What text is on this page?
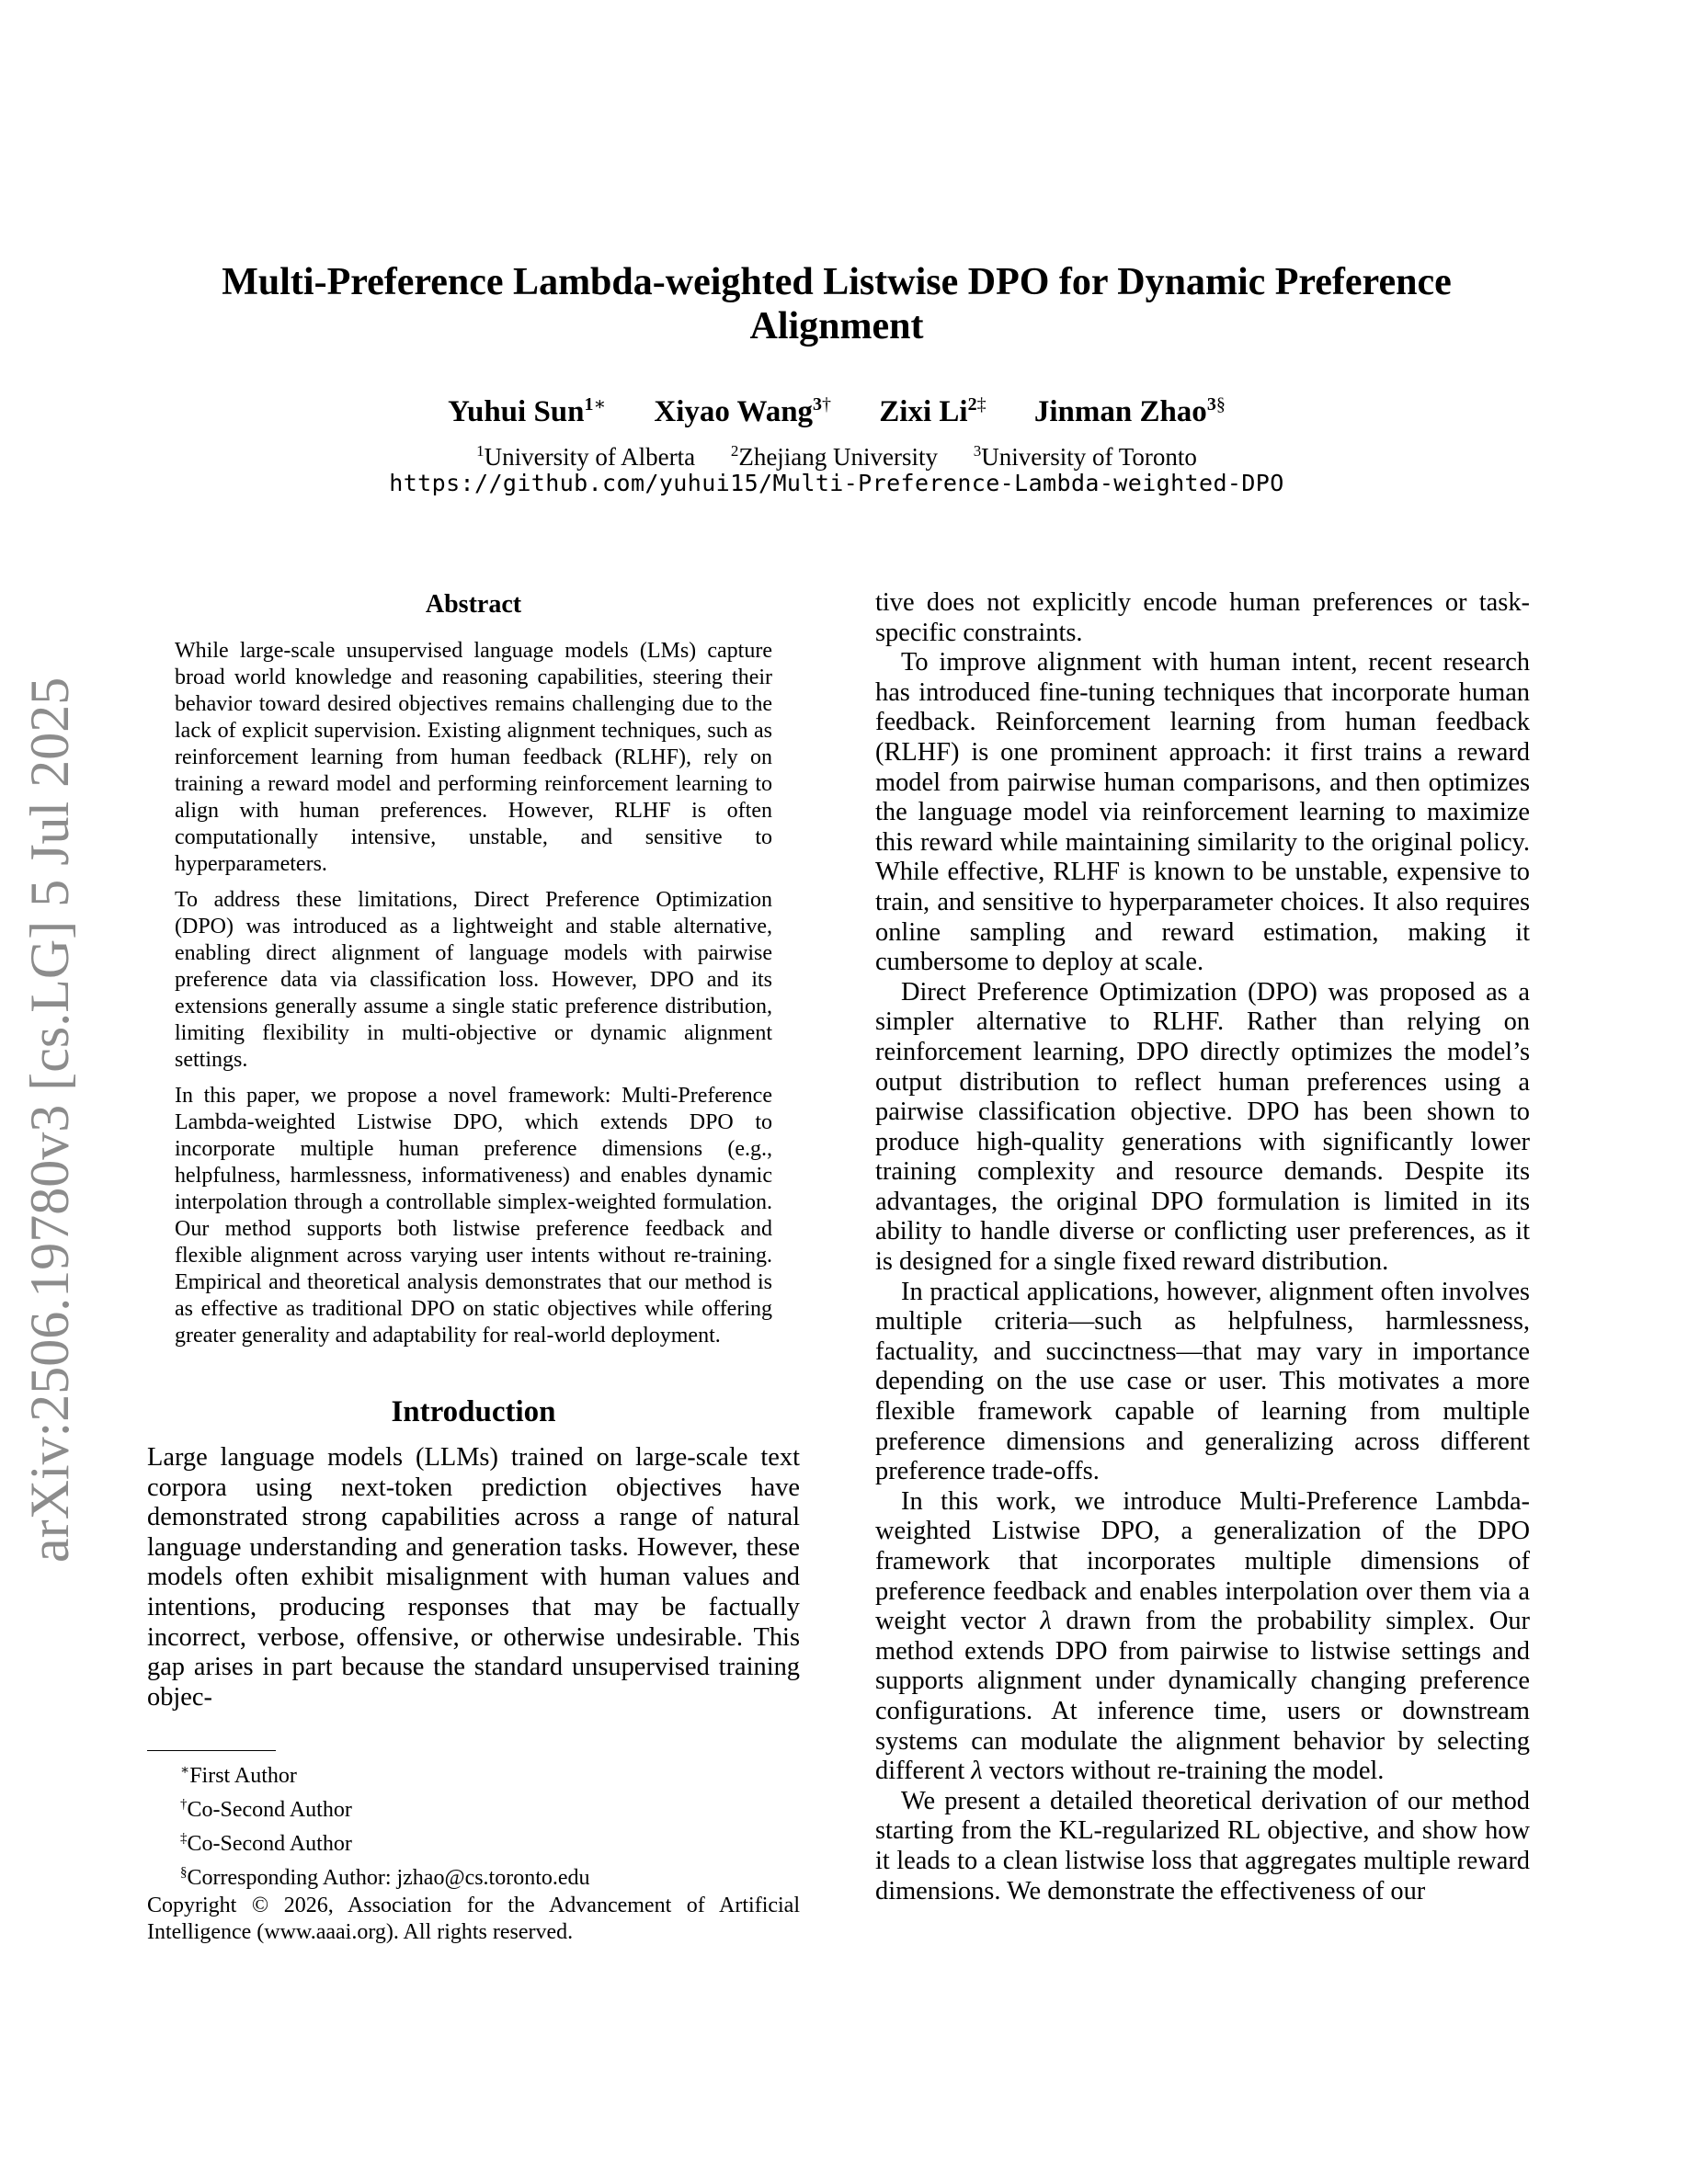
Multi-Preference Lambda-weighted Listwise DPO for Dynamic Preference Alignment
Yuhui Sun$^{1∗}$ Xiyao Wang$^{3\dagger}$ Zixi $Li^{2\ddagger}$ Jinman Zhao$^{3\S}$
$^1$University of Alberta $^2$Zhejiang University $^3$University of Toronto
https://github.com/yuhui15/Multi-Preference-Lambda-weighted-DPO
arXiv:2506.19780v3 [cs.LG] 5 Jul 2025
Abstract

While large-scale unsupervised language models (LMs) capture broad world knowledge and reasoning capabilities, steering their behavior toward desired objectives remains challenging due to the lack of explicit supervision. Existing alignment techniques, such as reinforcement learning from human feedback (RLHF), rely on training a reward model and performing reinforcement learning to align with human preferences. However, RLHF is often computationally intensive, unstable, and sensitive to hyperparameters.

To address these limitations, Direct Preference Optimization (DPO) was introduced as a lightweight and stable alternative, enabling direct alignment of language models with pairwise preference data via classification loss. However, DPO and its extensions generally assume a single static preference distribution, limiting flexibility in multi-objective or dynamic alignment settings.

In this paper, we propose a novel framework: Multi-Preference Lambda-weighted Listwise DPO, which extends DPO to incorporate multiple human preference dimensions (e.g., helpfulness, harmlessness, informativeness) and enables dynamic interpolation through a controllable simplex-weighted formulation. Our method supports both listwise preference feedback and flexible alignment across varying user intents without re-training. Empirical and theoretical analysis demonstrates that our method is as effective as traditional DPO on static objectives while offering greater generality and adaptability for real-world deployment.

Introduction

Large language models (LLMs) trained on large-scale text corpora using next-token prediction objectives have demonstrated strong capabilities across a range of natural language understanding and generation tasks. However, these models often exhibit misalignment with human values and intentions, producing responses that may be factually incorrect, verbose, offensive, or otherwise undesirable. This gap arises in part because the standard unsupervised training objec-

∗First Author
†Co-Second Author
‡Co-Second Author
§Corresponding Author: jzhao@cs.toronto.edu
Copyright © 2026, Association for the Advancement of Artificial Intelligence (www.aaai.org). All rights reserved.

tive does not explicitly encode human preferences or task-specific constraints.

To improve alignment with human intent, recent research has introduced fine-tuning techniques that incorporate human feedback. Reinforcement learning from human feedback (RLHF) is one prominent approach: it first trains a reward model from pairwise human comparisons, and then optimizes the language model via reinforcement learning to maximize this reward while maintaining similarity to the original policy. While effective, RLHF is known to be unstable, expensive to train, and sensitive to hyperparameter choices. It also requires online sampling and reward estimation, making it cumbersome to deploy at scale.

Direct Preference Optimization (DPO) was proposed as a simpler alternative to RLHF. Rather than relying on reinforcement learning, DPO directly optimizes the model’s output distribution to reflect human preferences using a pairwise classification objective. DPO has been shown to produce high-quality generations with significantly lower training complexity and resource demands. Despite its advantages, the original DPO formulation is limited in its ability to handle diverse or conflicting user preferences, as it is designed for a single fixed reward distribution.

In practical applications, however, alignment often involves multiple criteria—such as helpfulness, harmlessness, factuality, and succinctness—that may vary in importance depending on the use case or user. This motivates a more flexible framework capable of learning from multiple preference dimensions and generalizing across different preference trade-offs.

In this work, we introduce Multi-Preference Lambda-weighted Listwise DPO, a generalization of the DPO framework that incorporates multiple dimensions of preference feedback and enables interpolation over them via a weight vector λ drawn from the probability simplex. Our method extends DPO from pairwise to listwise settings and supports alignment under dynamically changing preference configurations. At inference time, users or downstream systems can modulate the alignment behavior by selecting different λ vectors without re-training the model.

We present a detailed theoretical derivation of our method starting from the KL-regularized RL objective, and show how it leads to a clean listwise loss that aggregates multiple reward dimensions. We demonstrate the effectiveness of our
